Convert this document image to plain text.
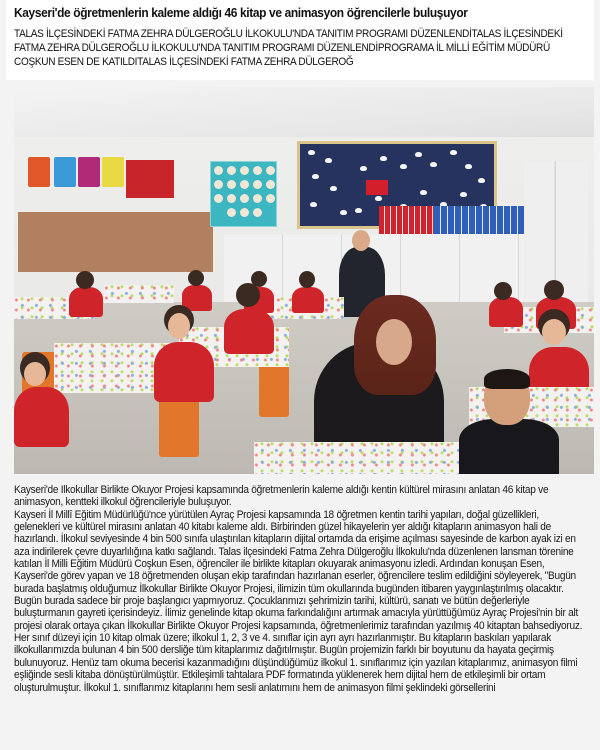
Kayseri'de öğretmenlerin kaleme aldığı 46 kitap ve animasyon öğrencilerle buluşuyor
TALAS İLÇESİNDEKİ FATMA ZEHRA DÜLGEROĞLU İLKOKULU'NDA TANITIM PROGRAMI DÜZENLENDİTALAS İLÇESİNDEKİ FATMA ZEHRA DÜLGEROĞLU İLKOKULU'NDA TANITIM PROGRAMI DÜZENLENDİPROGRAMA İL MİLLİ EĞİTİM MÜDÜRÜ COŞKUN ESEN DE KATILDITALAS İLÇESİNDEKİ FATMA ZEHRA DÜLGEROĞ

Kayseri'de Ilkokullar Birlikte Okuyor Projesi kapsamında öğretmenlerin kaleme aldığı kentin kültürel mirasını anlatan 46 kitap ve animasyon, kentteki ilkokul öğrencileriyle buluşuyor.

Kayseri İl Millî Eğitim Müdürlüğü'nce yürütülen Ayraç Projesi kapsamında 18 öğretmen kentin tarihi yapıları, doğal güzellikleri, gelenekleri ve kültürel mirasını anlatan 40 kitabı kaleme aldı. Birbirinden güzel hikayelerin yer aldığı kitapların animasyon hali de hazırlandı. İlkokul seviyesinde 4 bin 500 sınıfa ulaştırılan kitapların dijital ortamda da erişime açılması sayesinde de karbon ayak izi en aza indirilerek çevre duyarlılığına katkı sağlandı. Talas ilçesindeki Fatma Zehra Dülgeroğlu İlkokulu'nda düzenlenen lansman törenine katılan İl Milli Eğitim Müdürü Coşkun Esen, öğrenciler ile birlikte kitapları okuyarak animasyonu izledi. Ardından konuşan Esen, Kayseri'de görev yapan ve 18 öğretmenden oluşan ekip tarafından hazırlanan eserler, öğrencilere teslim edildiğini söyleyerek, "Bugün burada başlatmış olduğumuz İlkokullar Birlikte Okuyor Projesi, ilimizin tüm okullarında bugünden itibaren yaygınlaştırılmış olacaktır. Bugün burada sadece bir proje başlangıcı yapmıyoruz. Çocuklarımızı şehrimizin tarihi, kültürü, sanatı ve bütün değerleriyle buluşturmanın gayreti içerisindeyiz. İlimiz genelinde kitap okuma farkındalığını artırmak amacıyla yürüttüğümüz Ayraç Projesi'nin bir alt projesi olarak ortaya çıkan İlkokullar Birlikte Okuyor Projesi kapsamında, öğretmenlerimiz tarafından yazılmış 40 kitaptan bahsediyoruz. Her sınıf düzeyi için 10 kitap olmak üzere; ilkokul 1, 2, 3 ve 4. sınıflar için ayrı ayrı hazırlanmıştır. Bu kitapların baskıları yapılarak ilkokullarımızda bulunan 4 bin 500 dersliğe tüm kitaplarımız dağıtılmıştır. Bugün projemizin farklı bir boyutunu da hayata geçirmiş bulunuyoruz. Henüz tam okuma becerisi kazanmadığını düşündüğümüz ilkokul 1. sınıflarımız için yazılan kitaplarımız, animasyon filmi eşliğinde sesli kitaba dönüştürülmüştür. Etkileşimli tahtalara PDF formatında yüklenerek hem dijital hem de etkileşimli bir ortam oluşturulmuştur. İlkokul 1. sınıflarımız kitaplarını hem sesli anlatımını hem de animasyon filmi şeklindeki görsellerini
